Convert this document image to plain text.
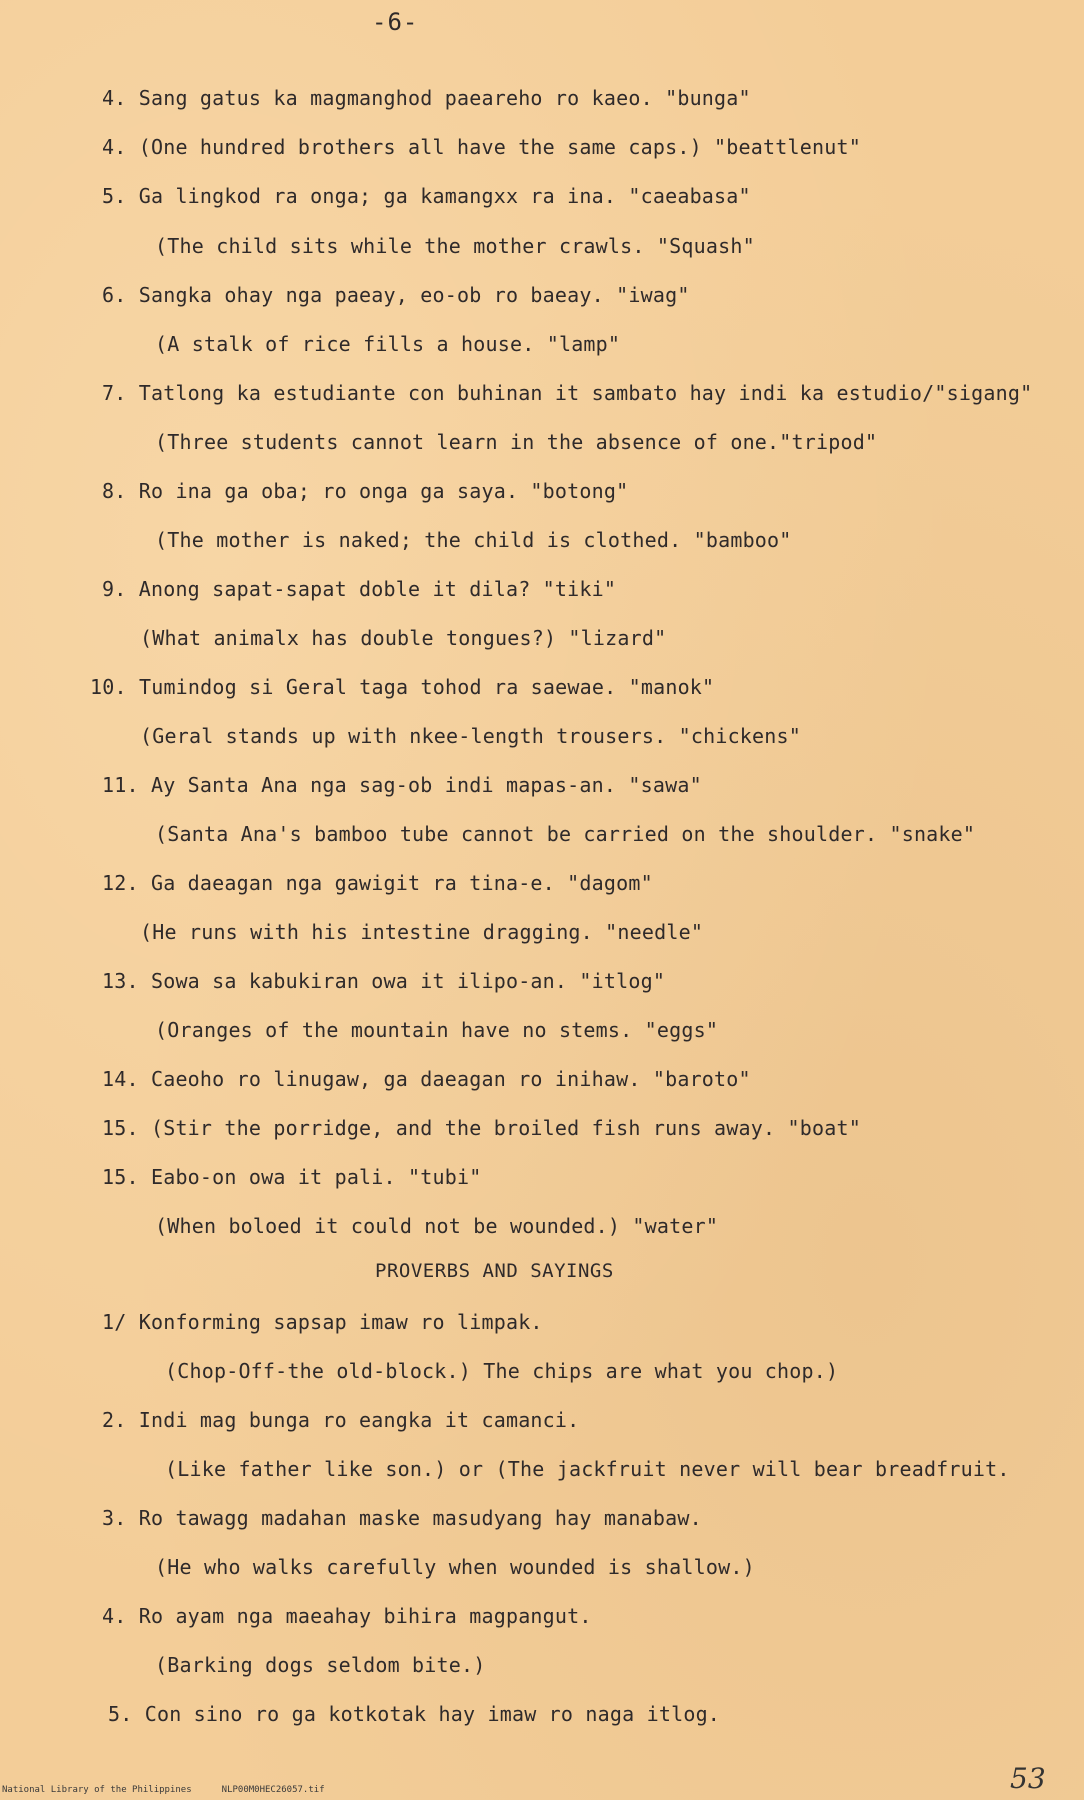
-6-
4. Sang gatus ka magmanghod paeareho ro kaeo. "bunga"
4. (One hundred brothers all have the same caps.) "beattlenut"
5. Ga lingkod ra onga; ga kamangxx ra ina. "caeabasa"
(The child sits while the mother crawls. "Squash"
6. Sangka ohay nga paeay, eo-ob ro baeay. "iwag"
(A stalk of rice fills a house. "lamp"
7. Tatlong ka estudiante con buhinan it sambato hay indi ka estudio/"sigang"
(Three students cannot learn in the absence of one."tripod"
8. Ro ina ga oba; ro onga ga saya. "botong"
(The mother is naked; the child is clothed. "bamboo"
9. Anong sapat-sapat doble it dila? "tiki"
(What animalx has double tongues?) "lizard"
10. Tumindog si Geral taga tohod ra saewae. "manok"
(Geral stands up with nkee-length trousers. "chickens"
11. Ay Santa Ana nga sag-ob indi mapas-an. "sawa"
(Santa Ana's bamboo tube cannot be carried on the shoulder. "snake"
12. Ga daeagan nga gawigit ra tina-e. "dagom"
(He runs with his intestine dragging. "needle"
13. Sowa sa kabukiran owa it ilipo-an. "itlog"
(Oranges of the mountain have no stems. "eggs"
14. Caeoho ro linugaw, ga daeagan ro inihaw. "baroto"
15. (Stir the porridge, and the broiled fish runs away. "boat"
15. Eabo-on owa it pali. "tubi"
(When boloed it could not be wounded.) "water"
PROVERBS AND SAYINGS
1/ Konforming sapsap imaw ro limpak.
(Chop-Off-the old-block.) The chips are what you chop.)
2. Indi mag bunga ro eangka it camanci.
(Like father like son.) or (The jackfruit never will bear breadfruit.
3. Ro tawagg madahan maske masudyang hay manabaw.
(He who walks carefully when wounded is shallow.)
4. Ro ayam nga maeahay bihira magpangut.
(Barking dogs seldom bite.)
5. Con sino ro ga kotkotak hay imaw ro naga itlog.
National Library of the Philippines	NLP00M0HEC26057.tif	53
